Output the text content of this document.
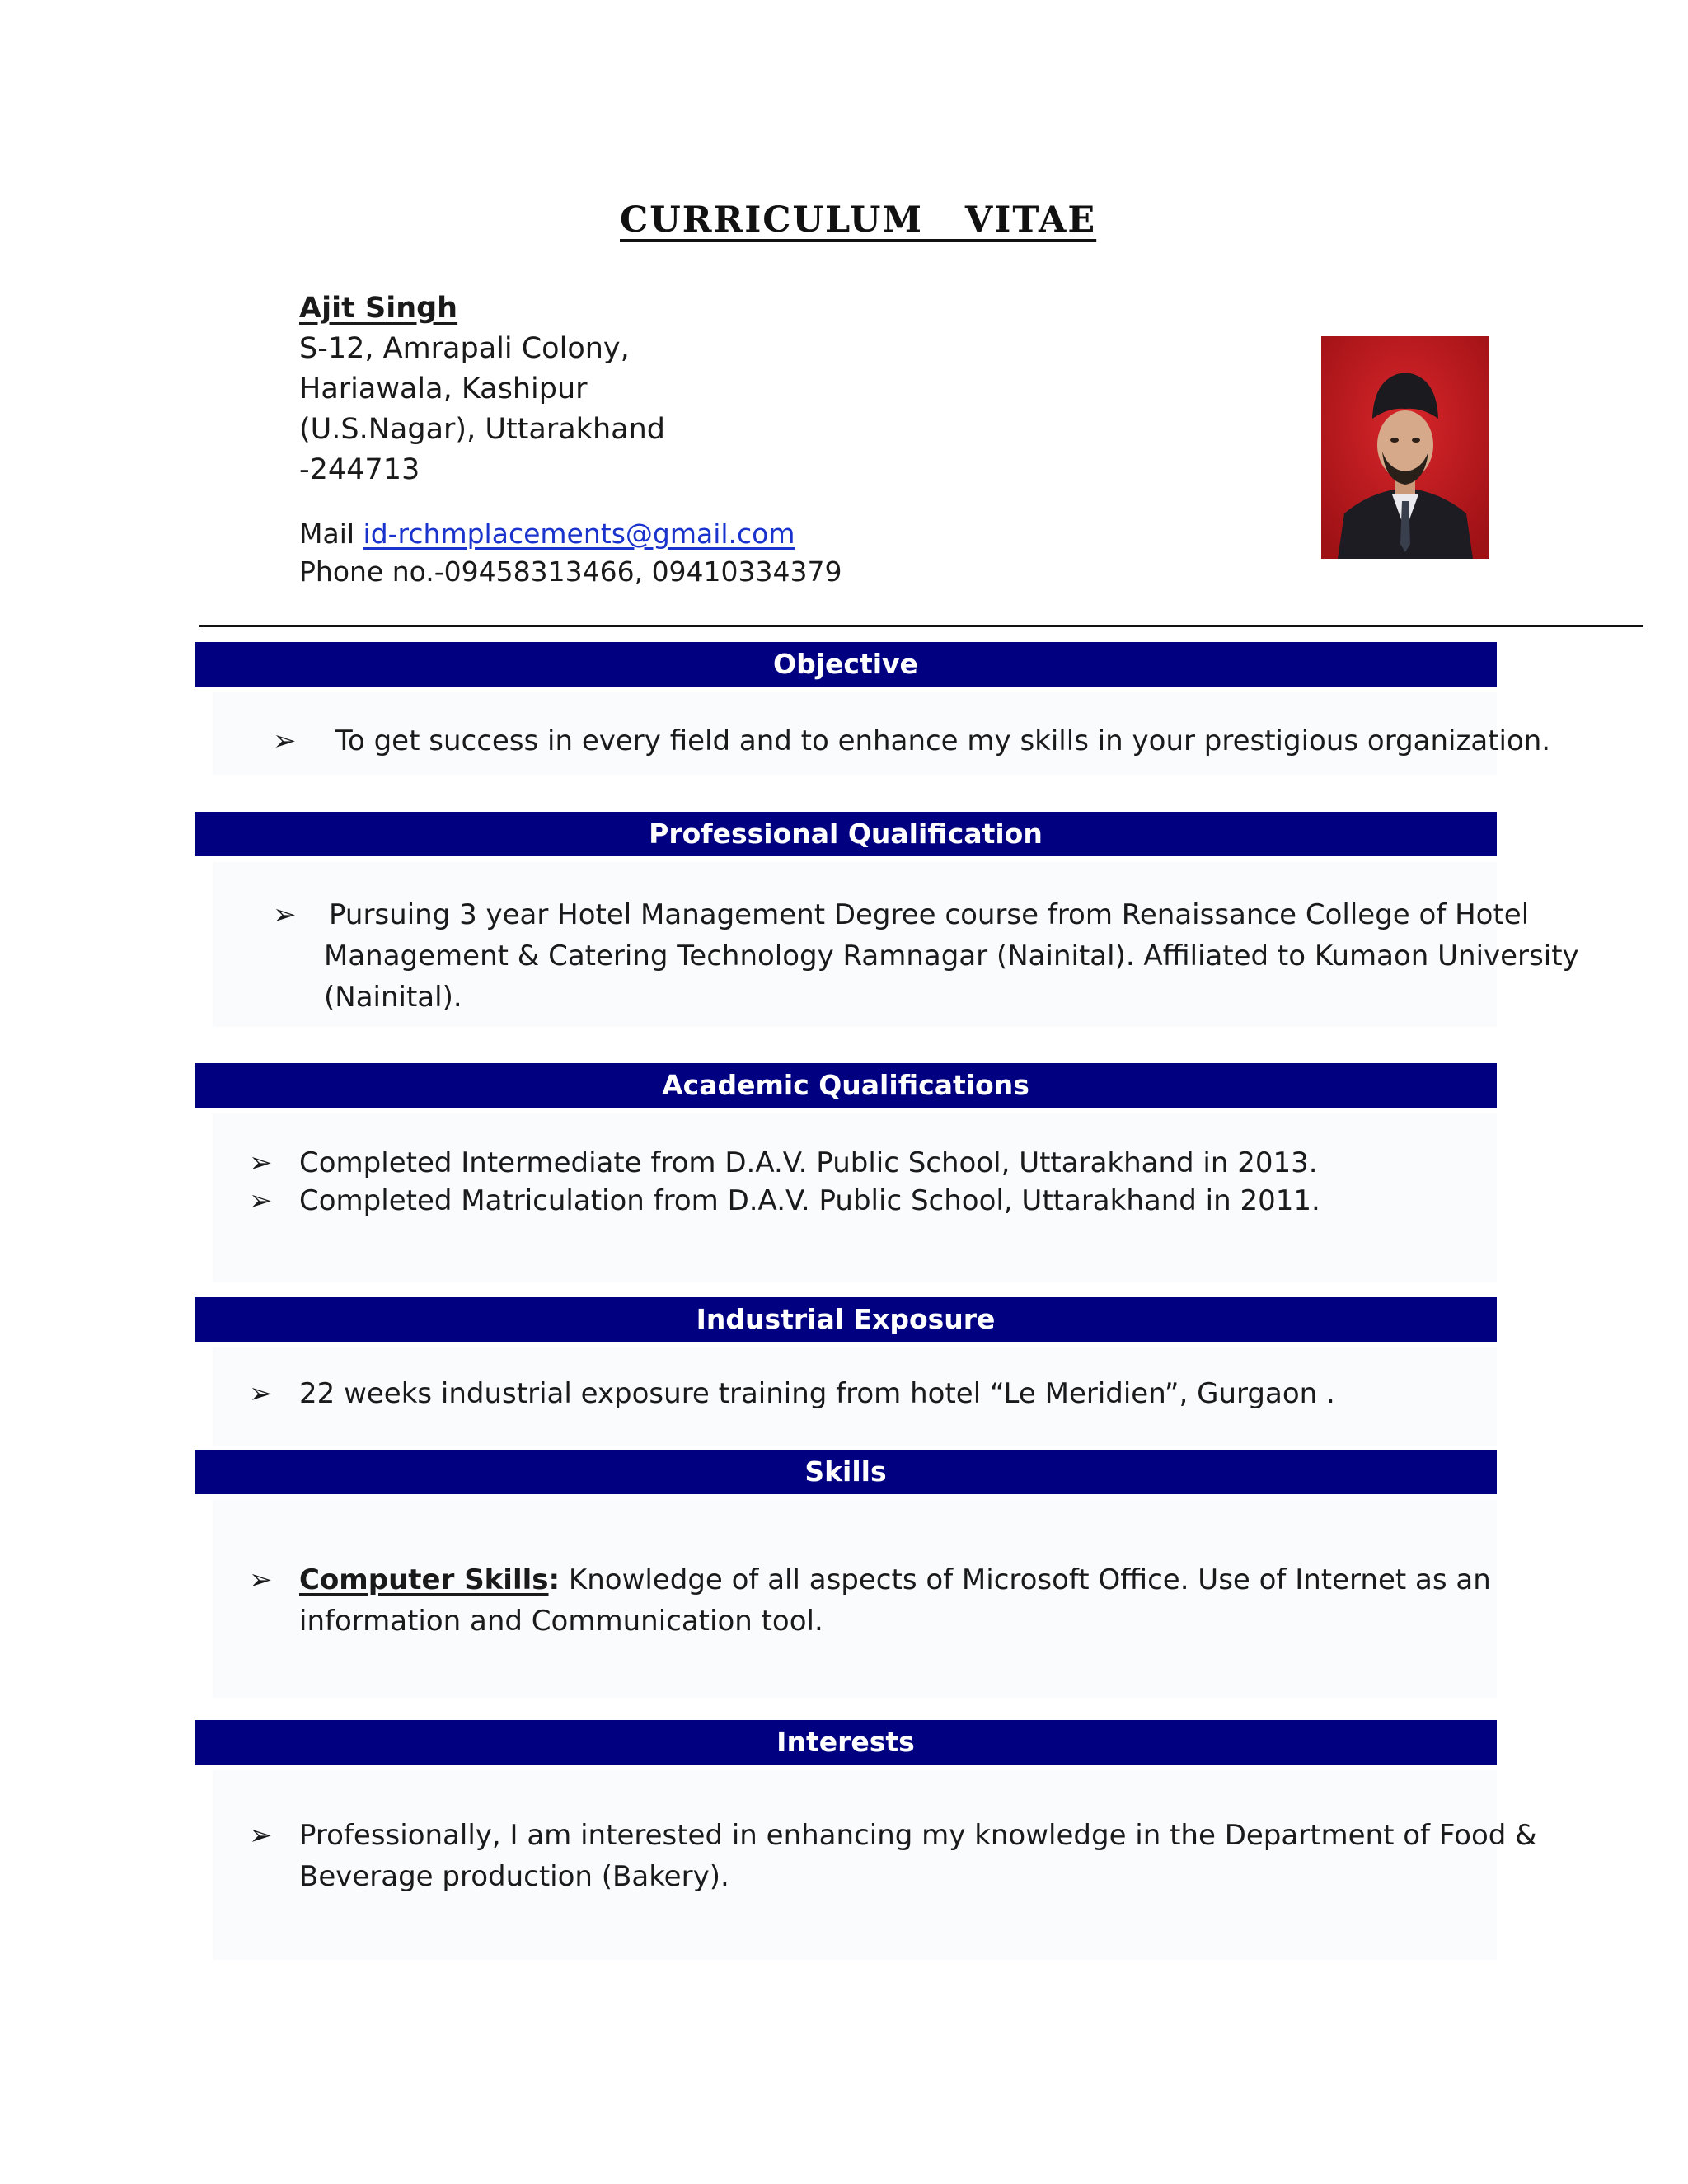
CURRICULUM   VITAE
Ajit Singh
S-12, Amrapali Colony,
Hariawala, Kashipur
(U.S.Nagar), Uttarakhand
-244713
Mail id-rchmplacements@gmail.com
Phone no.-09458313466, 09410334379
Objective
➢ To get success in every field and to enhance my skills in your prestigious organization.
Professional Qualification
➢ Pursuing 3 year Hotel Management Degree course from Renaissance College of Hotel
Management & Catering Technology Ramnagar (Nainital). Affiliated to Kumaon University
(Nainital).
Academic Qualifications
➢ Completed Intermediate from D.A.V. Public School, Uttarakhand in 2013.
➢ Completed Matriculation from D.A.V. Public School, Uttarakhand in 2011.
Industrial Exposure
➢ 22 weeks industrial exposure training from hotel “Le Meridien”, Gurgaon .
Skills
➢ Computer Skills: Knowledge of all aspects of Microsoft Office. Use of Internet as an
information and Communication tool.
Interests
➢ Professionally, I am interested in enhancing my knowledge in the Department of Food &
Beverage production (Bakery).
